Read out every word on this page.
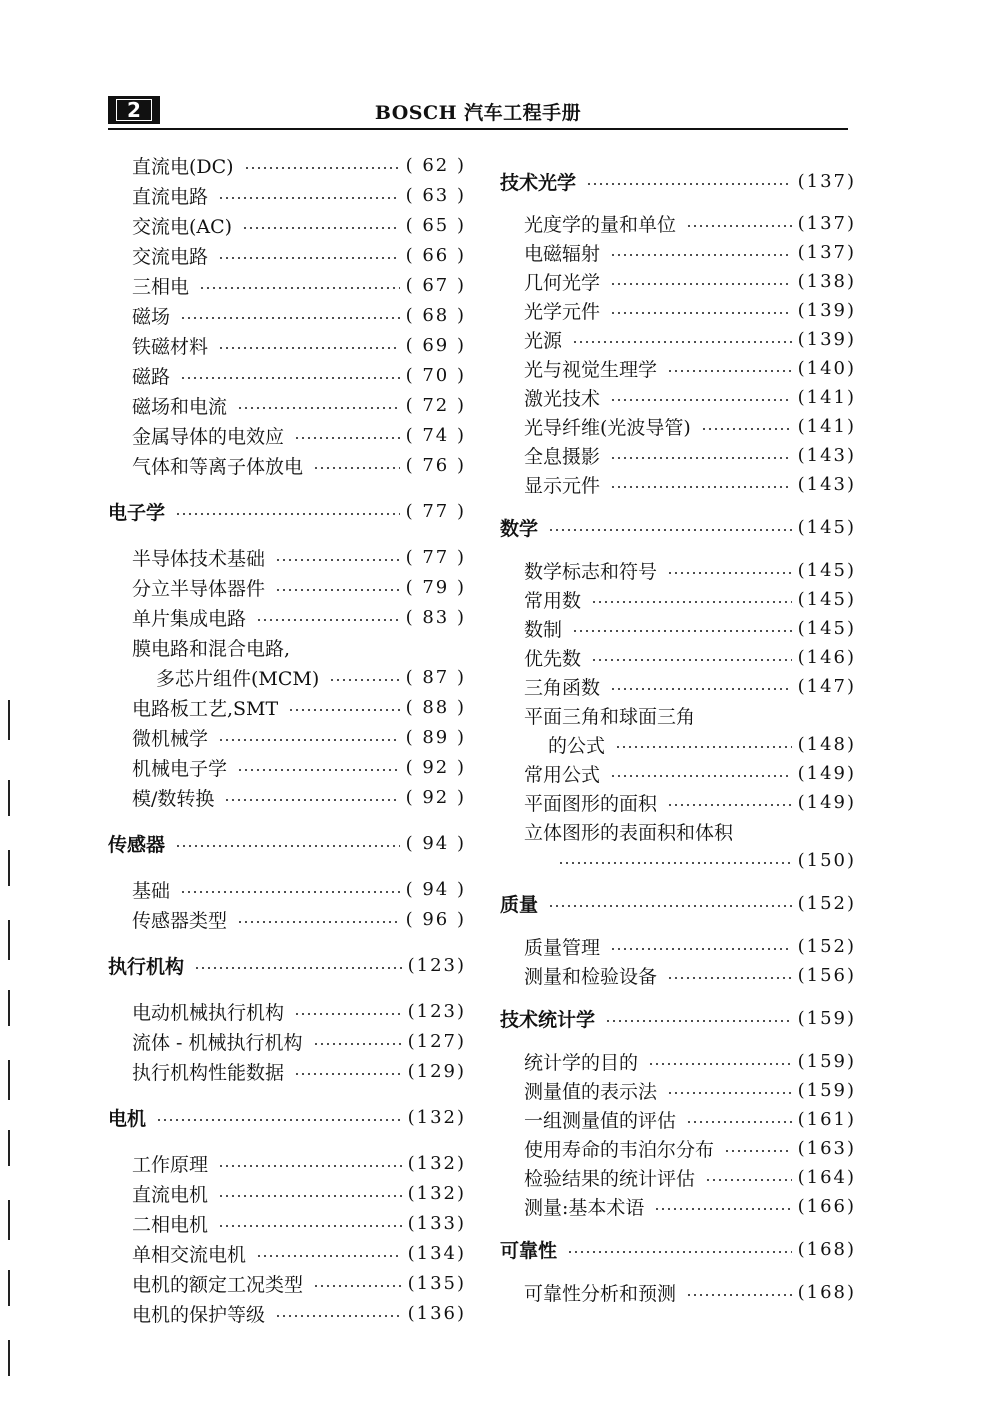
2	BOSCH 汽车工程手册
直流电(DC)	( 62 )
直流电路	( 63 )
交流电(AC)	( 65 )
交流电路	( 66 )
三相电	( 67 )
磁场	( 68 )
铁磁材料	( 69 )
磁路	( 70 )
磁场和电流	( 72 )
金属导体的电效应	( 74 )
气体和等离子体放电	( 76 )
电子学	( 77 )
半导体技术基础	( 77 )
分立半导体器件	( 79 )
单片集成电路	( 83 )
膜电路和混合电路,
多芯片组件(MCM)	( 87 )
电路板工艺,SMT	( 88 )
微机械学	( 89 )
机械电子学	( 92 )
模/数转换	( 92 )
传感器	( 94 )
基础	( 94 )
传感器类型	( 96 )
执行机构	(123)
电动机械执行机构	(123)
流体 - 机械执行机构	(127)
执行机构性能数据	(129)
电机	(132)
工作原理	(132)
直流电机	(132)
二相电机	(133)
单相交流电机	(134)
电机的额定工况类型	(135)
电机的保护等级	(136)
技术光学	(137)
光度学的量和单位	(137)
电磁辐射	(137)
几何光学	(138)
光学元件	(139)
光源	(139)
光与视觉生理学	(140)
激光技术	(141)
光导纤维(光波导管)	(141)
全息摄影	(143)
显示元件	(143)
数学	(145)
数学标志和符号	(145)
常用数	(145)
数制	(145)
优先数	(146)
三角函数	(147)
平面三角和球面三角
的公式	(148)
常用公式	(149)
平面图形的面积	(149)
立体图形的表面积和体积
(150)
质量	(152)
质量管理	(152)
测量和检验设备	(156)
技术统计学	(159)
统计学的目的	(159)
测量值的表示法	(159)
一组测量值的评估	(161)
使用寿命的韦泊尔分布	(163)
检验结果的统计评估	(164)
测量:基本术语	(166)
可靠性	(168)
可靠性分析和预测	(168)
